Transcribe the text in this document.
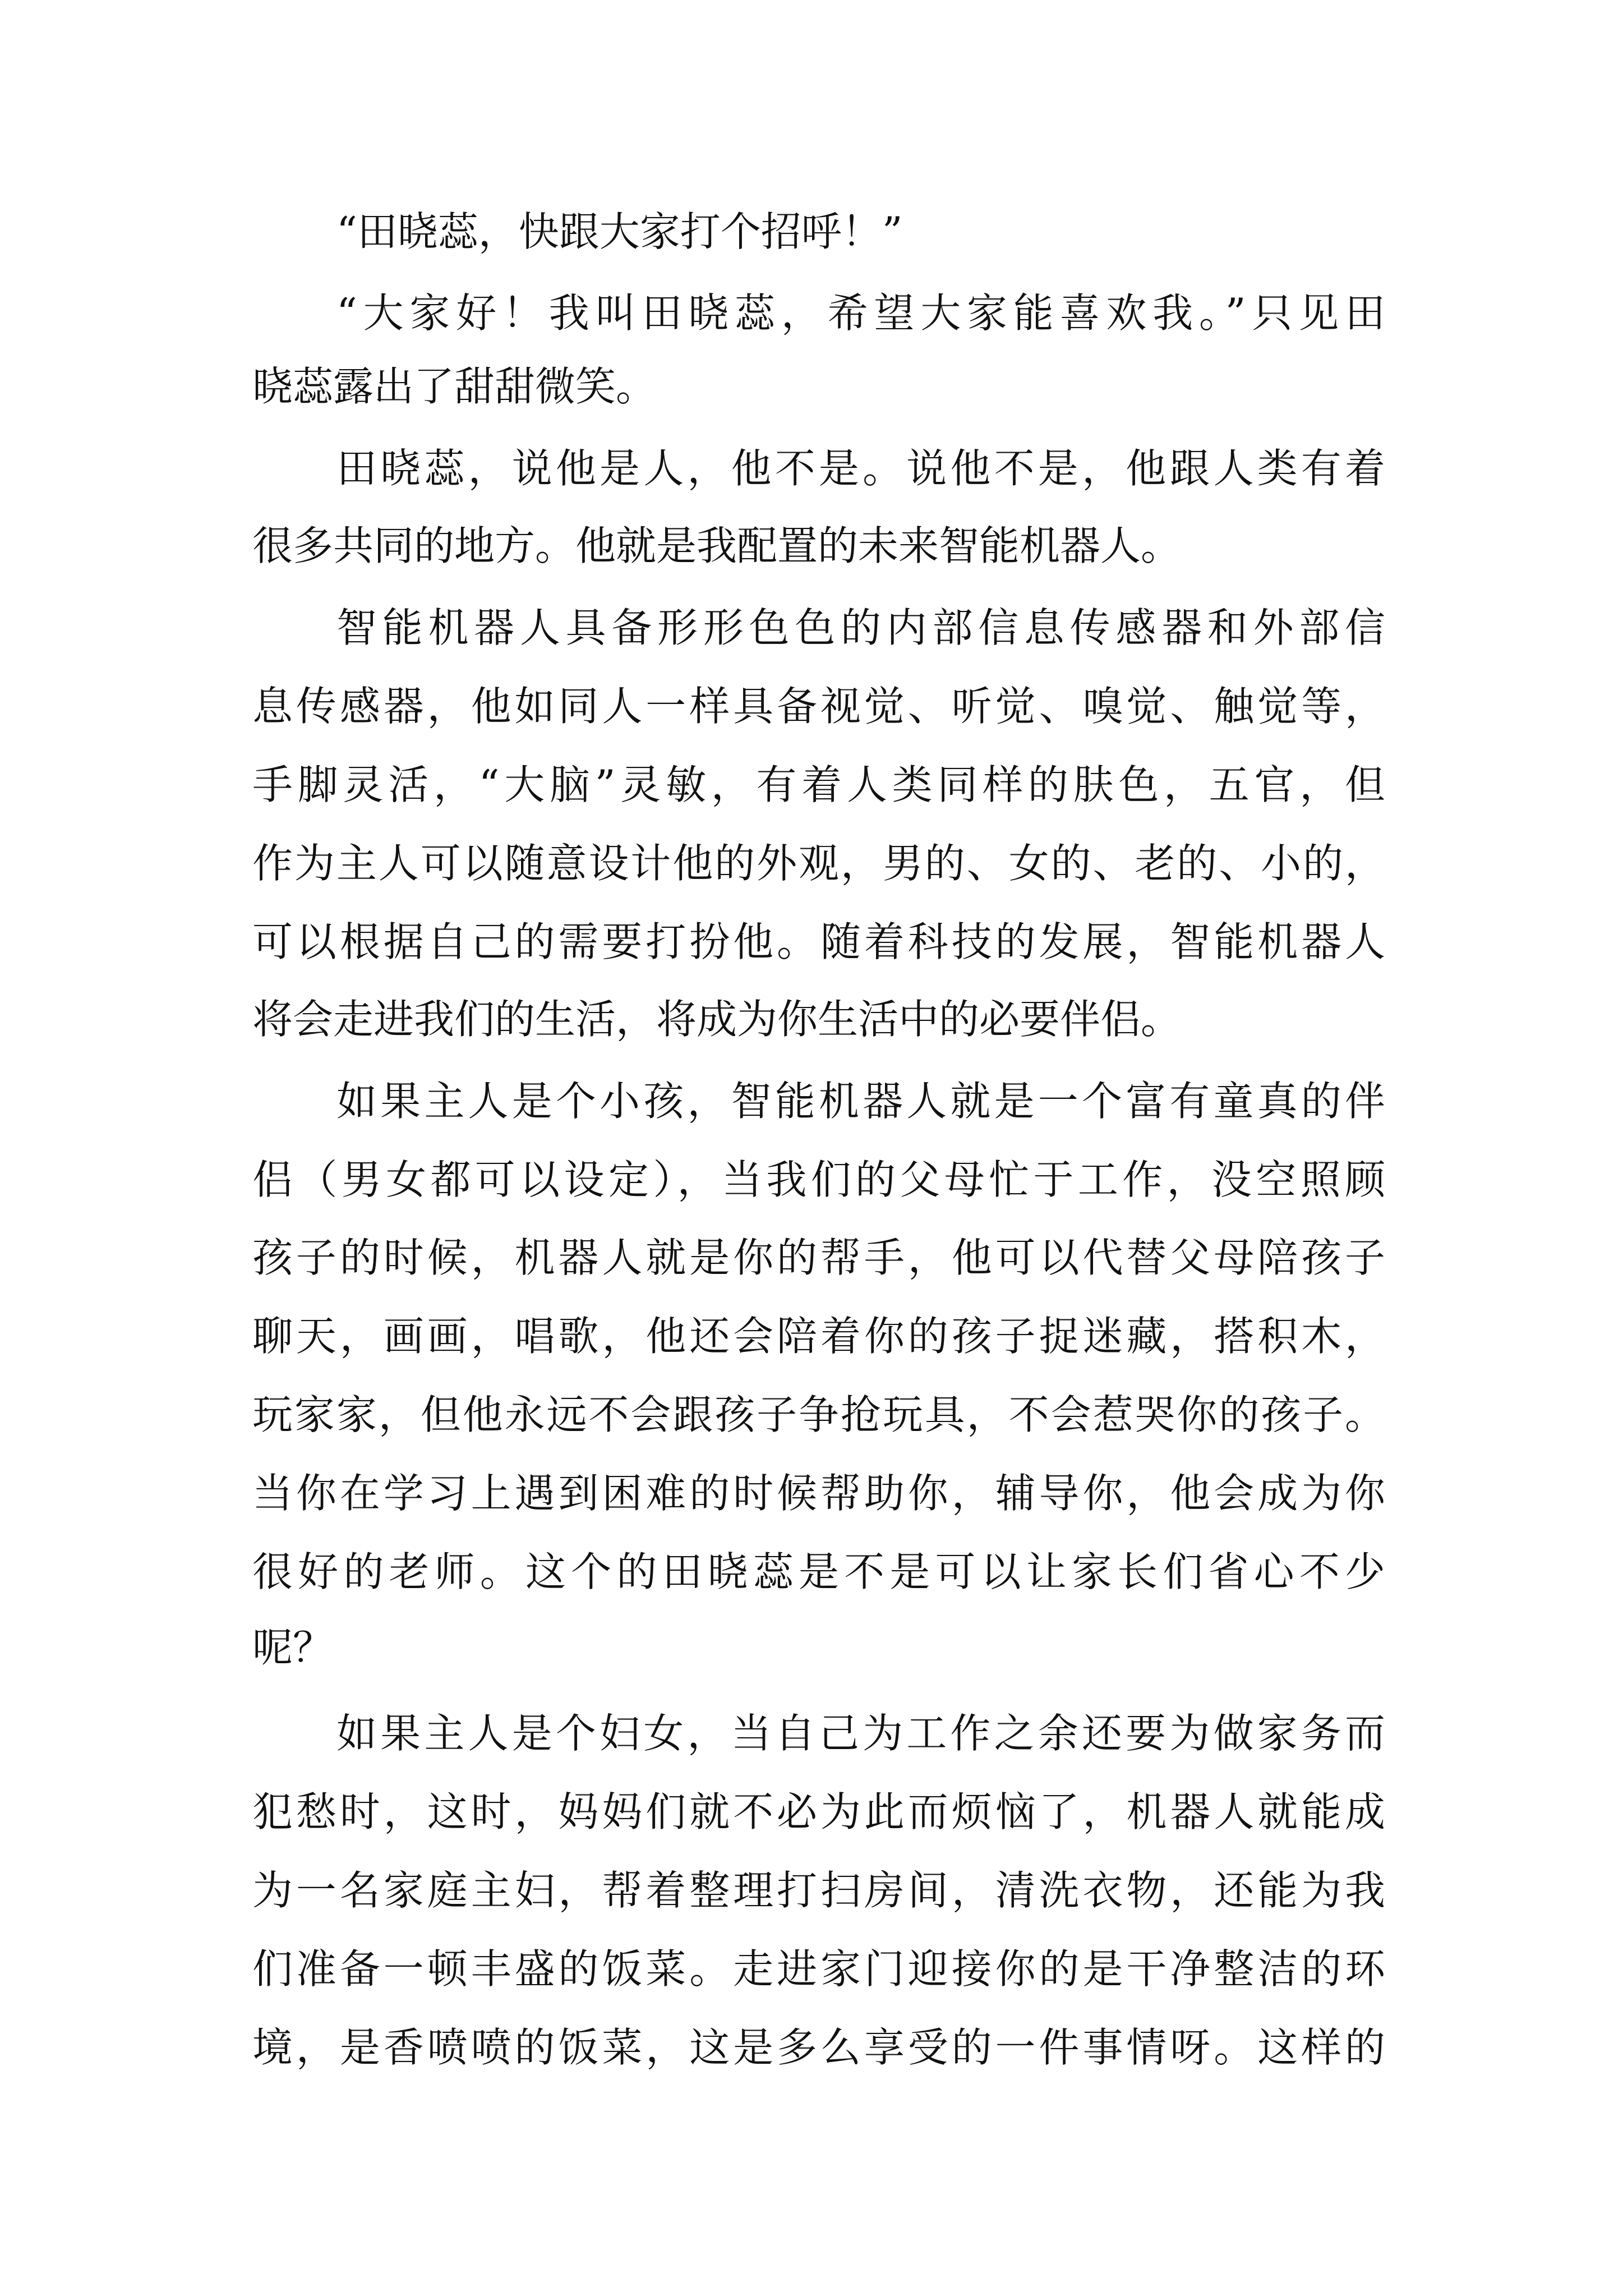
“田晓蕊，快跟大家打个招呼！”
“大家好！我叫田晓蕊，希望大家能喜欢我。”只见田
晓蕊露出了甜甜微笑。
田晓蕊，说他是人，他不是。说他不是，他跟人类有着
很多共同的地方。他就是我配置的未来智能机器人。
智能机器人具备形形色色的内部信息传感器和外部信
息传感器，他如同人一样具备视觉、听觉、嗅觉、触觉等，
手脚灵活，“大脑”灵敏，有着人类同样的肤色，五官，但
作为主人可以随意设计他的外观，男的、女的、老的、小的，
可以根据自己的需要打扮他。随着科技的发展，智能机器人
将会走进我们的生活，将成为你生活中的必要伴侣。
如果主人是个小孩，智能机器人就是一个富有童真的伴
侣（男女都可以设定），当我们的父母忙于工作，没空照顾
孩子的时候，机器人就是你的帮手，他可以代替父母陪孩子
聊天，画画，唱歌，他还会陪着你的孩子捉迷藏，搭积木，
玩家家，但他永远不会跟孩子争抢玩具，不会惹哭你的孩子。
当你在学习上遇到困难的时候帮助你，辅导你，他会成为你
很好的老师。这个的田晓蕊是不是可以让家长们省心不少
呢？
如果主人是个妇女，当自己为工作之余还要为做家务而
犯愁时，这时，妈妈们就不必为此而烦恼了，机器人就能成
为一名家庭主妇，帮着整理打扫房间，清洗衣物，还能为我
们准备一顿丰盛的饭菜。走进家门迎接你的是干净整洁的环
境，是香喷喷的饭菜，这是多么享受的一件事情呀。这样的
